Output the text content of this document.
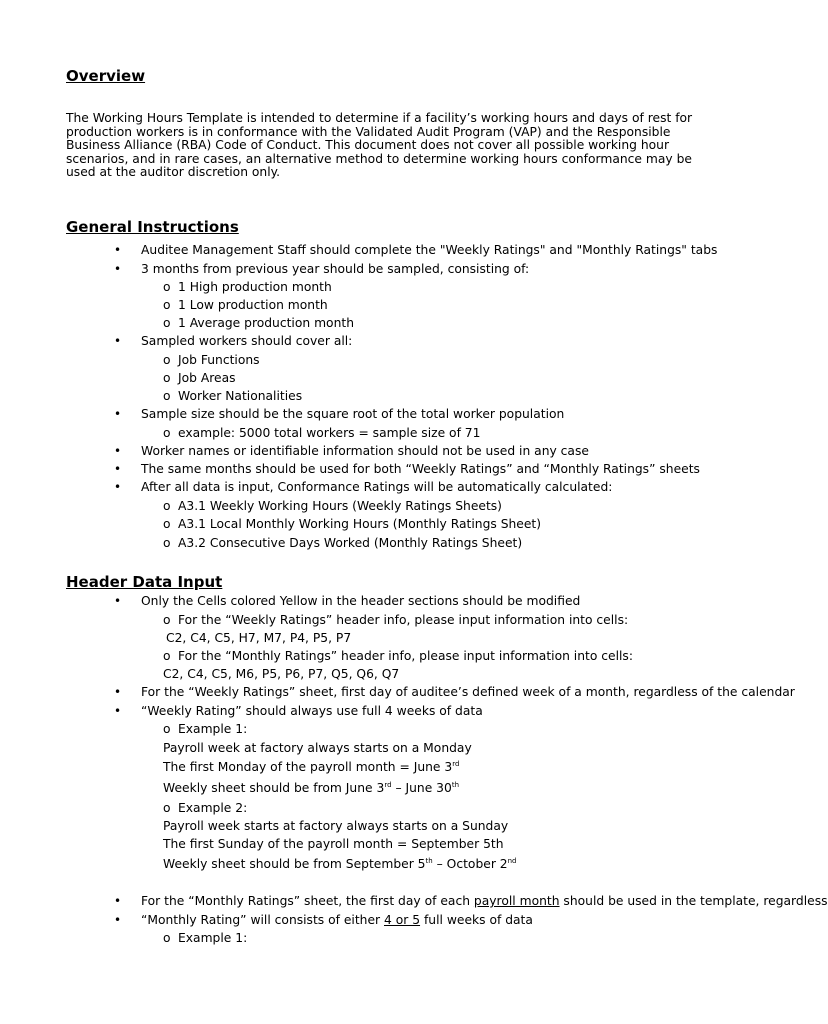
Overview

The Working Hours Template is intended to determine if a facility’s working hours and days of rest for production workers is in conformance with the Validated Audit Program (VAP) and the Responsible Business Alliance (RBA) Code of Conduct. This document does not cover all possible working hour scenarios, and in rare cases, an alternative method to determine working hours conformance may be used at the auditor discretion only.

General Instructions
• Auditee Management Staff should complete the "Weekly Ratings" and "Monthly Ratings" tabs
• 3 months from previous year should be sampled, consisting of:
o 1 High production month
o 1 Low production month
o 1 Average production month
• Sampled workers should cover all:
o Job Functions
o Job Areas
o Worker Nationalities
• Sample size should be the square root of the total worker population
o example: 5000 total workers = sample size of 71
• Worker names or identifiable information should not be used in any case
• The same months should be used for both “Weekly Ratings” and “Monthly Ratings” sheets
• After all data is input, Conformance Ratings will be automatically calculated:
o A3.1 Weekly Working Hours (Weekly Ratings Sheets)
o A3.1 Local Monthly Working Hours (Monthly Ratings Sheet)
o A3.2 Consecutive Days Worked (Monthly Ratings Sheet)
Header Data Input
• Only the Cells colored Yellow in the header sections should be modified
o For the “Weekly Ratings” header info, please input information into cells:
C2, C4, C5, H7, M7, P4, P5, P7
o For the “Monthly Ratings” header info, please input information into cells:
C2, C4, C5, M6, P5, P6, P7, Q5, Q6, Q7
• For the “Weekly Ratings” sheet, first day of auditee’s defined week of a month, regardless of the calendar
• “Weekly Rating” should always use full 4 weeks of data
o Example 1:
Payroll week at factory always starts on a Monday
The first Monday of the payroll month = June 3rd
Weekly sheet should be from June 3rd – June 30th
o Example 2:
Payroll week starts at factory always starts on a Sunday
The first Sunday of the payroll month = September 5th
Weekly sheet should be from September 5th – October 2nd
• For the “Monthly Ratings” sheet, the first day of each payroll month should be used in the template, regardless
• “Monthly Rating” will consists of either 4 or 5 full weeks of data
o Example 1:
